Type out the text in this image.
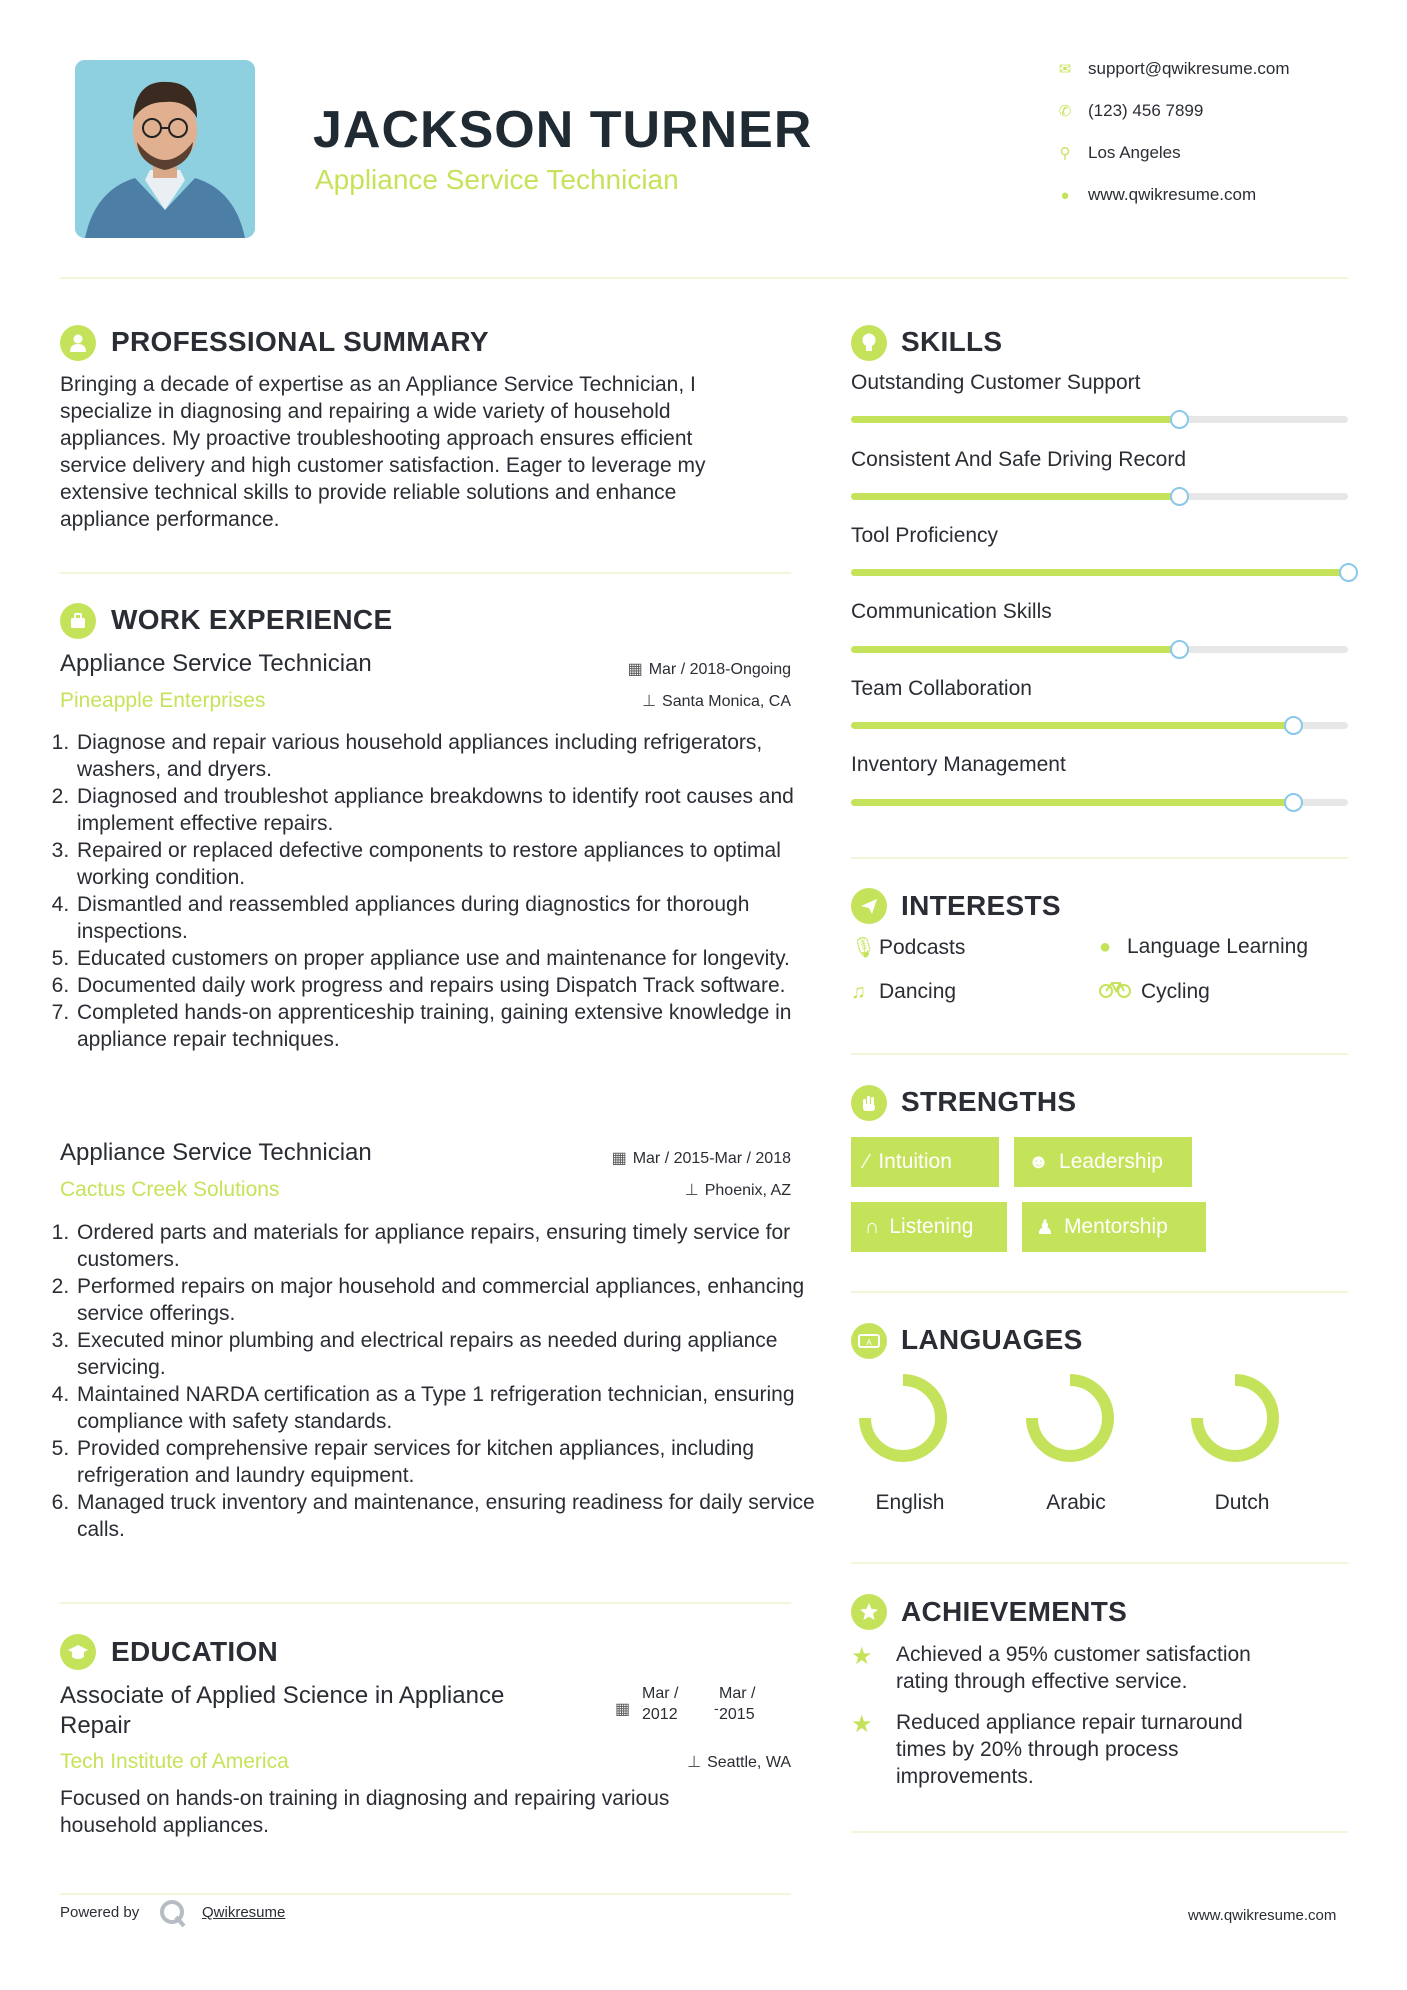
JACKSON TURNER
Appliance Service Technician
✉ support@qwikresume.com
✆ (123) 456 7899
⚲	Los Angeles
●	www.qwikresume.com
PROFESSIONAL SUMMARY
Bringing a decade of expertise as an Appliance Service Technician, I
specialize in diagnosing and repairing a wide variety of household
appliances. My proactive troubleshooting approach ensures efficient
service delivery and high customer satisfaction. Eager to leverage my
extensive technical skills to provide reliable solutions and enhance
appliance performance.
WORK EXPERIENCE
Appliance Service Technician	▦ Mar / 2018-Ongoing
Pineapple Enterprises	⊥ Santa Monica, CA
1. Diagnose and repair various household appliances including refrigerators, washers, and dryers.
2. Diagnosed and troubleshot appliance breakdowns to identify root causes and implement effective repairs.
3. Repaired or replaced defective components to restore appliances to optimal working condition.
4. Dismantled and reassembled appliances during diagnostics for thorough inspections.
5. Educated customers on proper appliance use and maintenance for longevity.
6. Documented daily work progress and repairs using Dispatch Track software.
7. Completed hands-on apprenticeship training, gaining extensive knowledge in appliance repair techniques.
Appliance Service Technician	▦ Mar / 2015-Mar / 2018
Cactus Creek Solutions	⊥ Phoenix, AZ
1. Ordered parts and materials for appliance repairs, ensuring timely service for customers.
2. Performed repairs on major household and commercial appliances, enhancing service offerings.
3. Executed minor plumbing and electrical repairs as needed during appliance servicing.
4. Maintained NARDA certification as a Type 1 refrigeration technician, ensuring compliance with safety standards.
5. Provided comprehensive repair services for kitchen appliances, including refrigeration and laundry equipment.
6. Managed truck inventory and maintenance, ensuring readiness for daily service calls.
EDUCATION
Associate of Applied Science in Appliance
Repair
▦
Mar /
2012	-
Mar /
2015
Tech Institute of America	⊥ Seattle, WA
Focused on hands-on training in diagnosing and repairing various
household appliances.
Powered by	Qwikresume	www.qwikresume.com
SKILLS
Outstanding Customer Support
Consistent And Safe Driving Record
Tool Proficiency
Communication Skills
Team Collaboration
Inventory Management
INTERESTS
🎙 Podcasts	● Language Learning
♫ Dancing	Cycling
STRENGTHS
⁄ Intuition	☻ Leadership
∩ Listening	♟ Mentorship
A LANGUAGES
English	Arabic	Dutch
ACHIEVEMENTS
★ Achieved a 95% customer satisfaction
rating through effective service.
★ Reduced appliance repair turnaround
times by 20% through process
improvements.
